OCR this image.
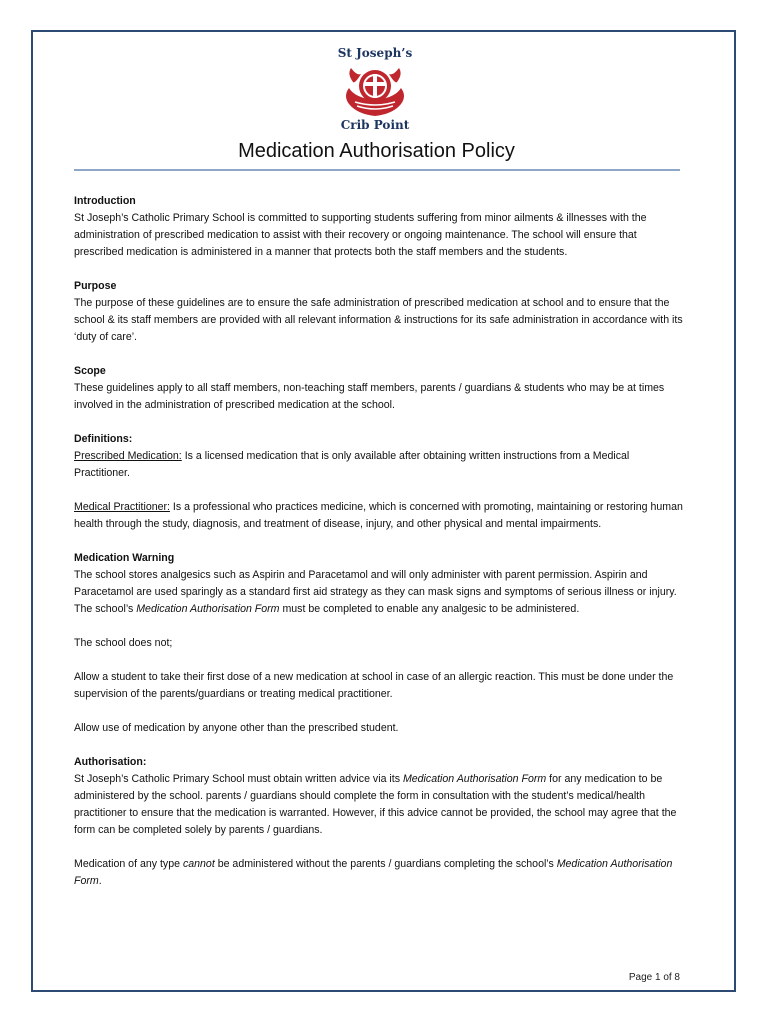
St Joseph’s
Crib Point
Medication Authorisation Policy

Introduction
St Joseph’s Catholic Primary School is committed to supporting students suffering from minor ailments & illnesses with the administration of prescribed medication to assist with their recovery or ongoing maintenance. The school will ensure that prescribed medication is administered in a manner that protects both the staff members and the students.

Purpose
The purpose of these guidelines are to ensure the safe administration of prescribed medication at school and to ensure that the school & its staff members are provided with all relevant information & instructions for its safe administration in accordance with its ‘duty of care’.

Scope
These guidelines apply to all staff members, non-teaching staff members, parents / guardians & students who may be at times involved in the administration of prescribed medication at the school.

Definitions:
Prescribed Medication: Is a licensed medication that is only available after obtaining written instructions from a Medical Practitioner.

Medical Practitioner: Is a professional who practices medicine, which is concerned with promoting, maintaining or restoring human health through the study, diagnosis, and treatment of disease, injury, and other physical and mental impairments.

Medication Warning
The school stores analgesics such as Aspirin and Paracetamol and will only administer with parent permission. Aspirin and Paracetamol are used sparingly as a standard first aid strategy as they can mask signs and symptoms of serious illness or injury. The school’s Medication Authorisation Form must be completed to enable any analgesic to be administered.

The school does not;

Allow a student to take their first dose of a new medication at school in case of an allergic reaction. This must be done under the supervision of the parents/guardians or treating medical practitioner.

Allow use of medication by anyone other than the prescribed student.

Authorisation:
St Joseph’s Catholic Primary School must obtain written advice via its Medication Authorisation Form for any medication to be administered by the school. parents / guardians should complete the form in consultation with the student’s medical/health practitioner to ensure that the medication is warranted. However, if this advice cannot be provided, the school may agree that the form can be completed solely by parents / guardians.

Medication of any type cannot be administered without the parents / guardians completing the school’s Medication Authorisation Form.

Page 1 of 8
